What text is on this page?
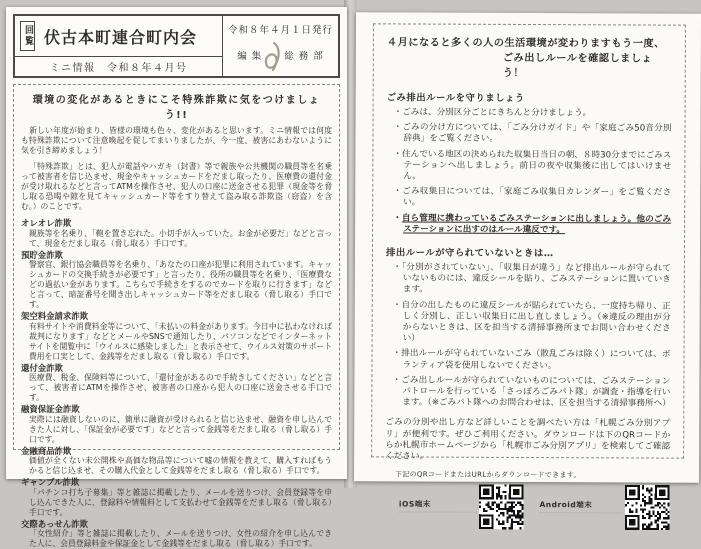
回覧 伏古本町連合町内会
ミニ情報　令和８年４月号
令和８年４月１日発行
編 集 総 務 部
環境の変化があるときにこそ特殊詐欺に気をつけましょう!!
新しい年度が始まり、皆様の環境も色々、変化があると思います。ミニ情報では何度も特殊詐欺について注意喚起を促してまいりましたが、今一度、被害にあわないように気を引き締めましょう！
「特殊詐欺」とは、犯人が電話やハガキ（封書）等で親族や公共機関の職員等を名乗って被害者を信じ込ませ、現金やキャッシュカードをだまし取ったり、医療費の還付金が受け取れるなどと言ってATMを操作させ、犯人の口座に送金させる犯罪（現金等を脅し取る恐喝や隙を見てキャッシュカード等をすり替えて盗み取る詐欺盗（窃盗）を含む。）のことです。
オレオレ詐欺
親族等を名乗り、「鞄を置き忘れた。小切手が入っていた。お金が必要だ」などと言って、現金をだまし取る（脅し取る）手口です。
預貯金詐欺
警察官、銀行協会職員等を名乗り、「あなたの口座が犯罪に利用されています。キャッシュカードの交換手続きが必要です」と言ったり、役所の職員等を名乗り、「医療費などの過払い金があります。こちらで手続きをするのでカードを取りに行きます」などと言って、暗証番号を聞き出しキャッシュカード等をだまし取る（脅し取る）手口です。
架空料金請求詐欺
有料サイトや消費料金等について、「未払いの料金があります。今日中に払わなければ裁判になります」などとメールやSNSで通知したり、パソコンなどでインターネットサイトを閲覧中に「ウイルスに感染しました」と表示させて、ウイルス対策のサポート費用を口実として、金銭等をだまし取る（脅し取る）手口です。
還付金詐欺
医療費、税金、保険料等について、「還付金があるので手続きしてください」などと言って、被害者にATMを操作させ、被害者の口座から犯人の口座に送金させる手口です。
融資保証金詐欺
実際には融資しないのに、簡単に融資が受けられると信じ込ませ、融資を申し込んできた人に対し、「保証金が必要です」などと言って金銭等をだまし取る（脅し取る）手口です。
金融商品詐欺
価値が全くない未公開株や高価な物品等について嘘の情報を教えて、購入すればもうかると信じ込ませ、その購入代金として金銭等をだまし取る（脅し取る）手口です。
ギャンブル詐欺
「パチンコ打ち子募集」等と雑誌に掲載したり、メールを送りつけ、会員登録等を申し込んできた人に、登録料や情報料として支払わせて金銭等をだまし取る（脅し取る）手口です。
交際あっせん詐欺
「女性紹介」等と雑誌に掲載したり、メールを送りつけ、女性の紹介を申し込んできた人に、会員登録料金や保証金として金銭等をだまし取る（脅し取る）手口です。
４月になると多くの人の生活環境が変わりますもう一度、
ごみ出しルールを確認しましょう！
ごみ排出ルールを守りましょう
・ ごみは、分別区分ごとにきちんと分けましょう。
・ ごみの分け方については、「ごみ分けガイド」や「家庭ごみ50音分別辞典」をご覧ください。
・ 住んでいる地区の決められた収集日当日の朝、８時30分までにごみステーションへ出しましょう。前日の夜や収集後に出してはいけません。
・ ごみ収集日については、「家庭ごみ収集日カレンダー」をご覧ください。
・ 自ら管理に携わっているごみステーションに出しましょう。他のごみステーションに出すのはルール違反です。
排出ルールが守られていないときは…
・ 「分別がされていない」、「収集日が違う」など排出ルールが守られていないものには、違反シールを貼り、ごみステーションに置いていきます。
・ 自分の出したものに違反シールが貼られていたら、一度持ち帰り、正しく分別し、正しい収集日に出し直しましょう。（※違反の理由が分からないときは、区を担当する清掃事務所までお問い合わせください）
・ 排出ルールが守られていないごみ（散乱ごみは除く）については、ボランティア袋を使用しないでください。
・ ごみ出しルールが守られていないものについては、ごみステーションパトロールを行っている「さっぽろごみパト隊」が調査・指導を行います。（※ごみパト隊へのお問合わせは、区を担当する清掃事務所へ）
ごみの分別や出し方など詳しいことを調べたい方は「札幌ごみ分別アプリ」が便利です。ぜひご利用ください。ダウンロードは下のQRコードからか札幌市ホームページから「札幌市ごみ分別アプリ」を検索してご確認ください。
下記のQRコードまたはURLからダウンロードできます。
iOS端末	Android端末
